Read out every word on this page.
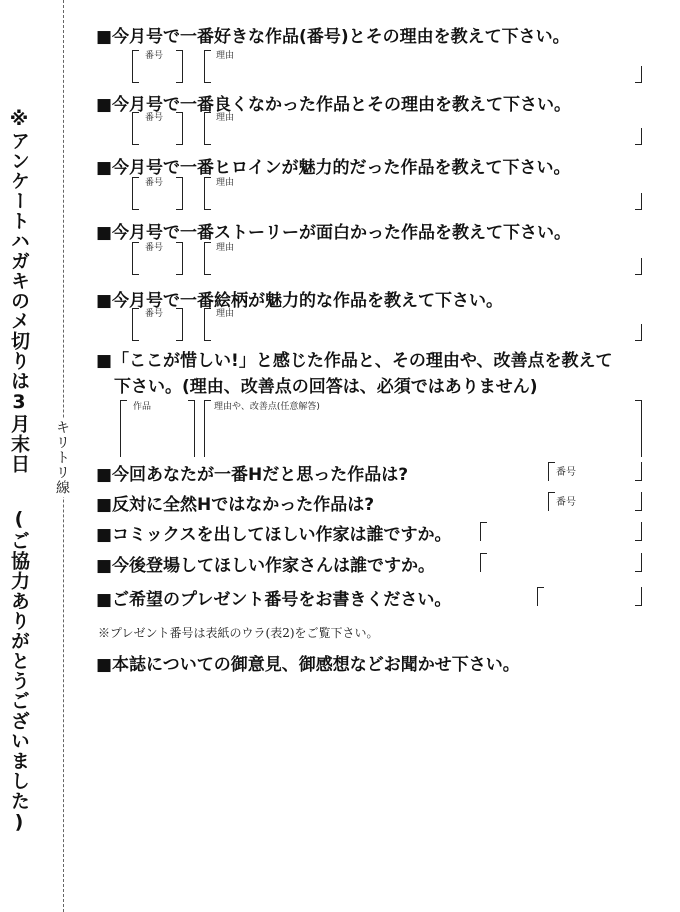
※アンケートハガキのメ切りは3月末日
(ご協力ありがとうございました)
キリトリ線
■今月号で一番好きな作品(番号)とその理由を教えて下さい。
番号	理由
■今月号で一番良くなかった作品とその理由を教えて下さい。
番号	理由
■今月号で一番ヒロインが魅力的だった作品を教えて下さい。
番号	理由
■今月号で一番ストーリーが面白かった作品を教えて下さい。
番号	理由
■今月号で一番絵柄が魅力的な作品を教えて下さい。
番号	理由
■「ここが惜しい!」と感じた作品と、その理由や、改善点を教えて
下さい。(理由、改善点の回答は、必須ではありません)
作品	理由や、改善点(任意解答)
■今回あなたが一番Hだと思った作品は?	番号
■反対に全然Hではなかった作品は?	番号
■コミックスを出してほしい作家は誰ですか。
■今後登場してほしい作家さんは誰ですか。
■ご希望のプレゼント番号をお書きください。
※プレゼント番号は表紙のウラ(表2)をご覧下さい。
■本誌についての御意見、御感想などお聞かせ下さい。
